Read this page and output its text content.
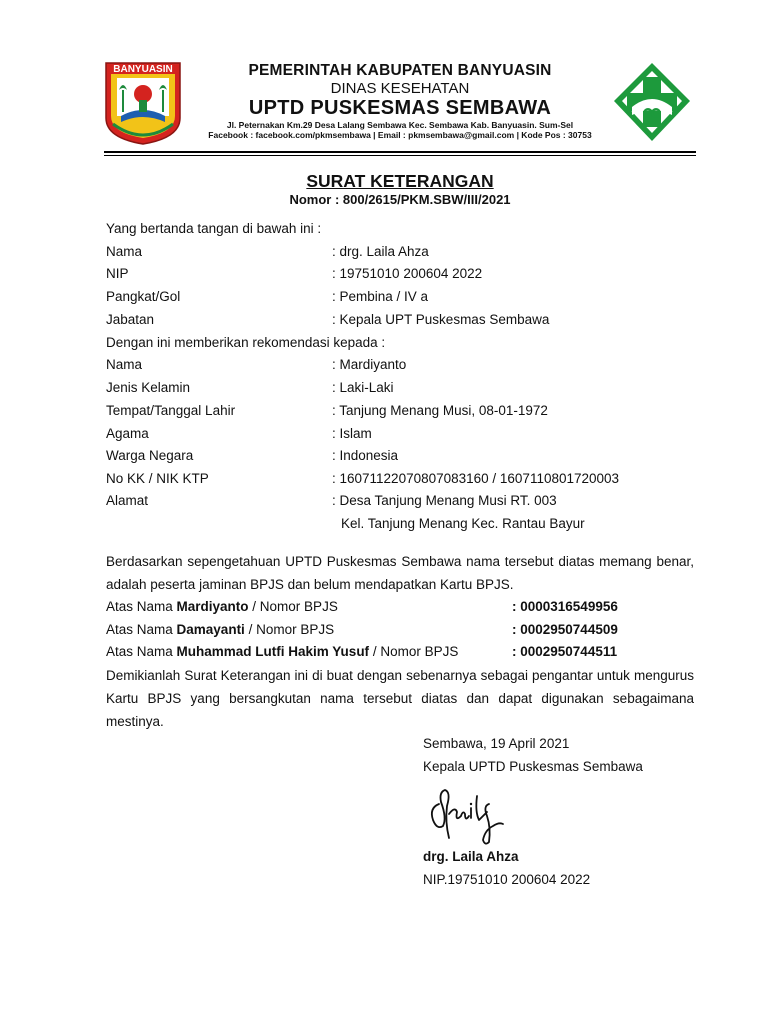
BANYUASIN	PEMERINTAH KABUPATEN BANYUASIN
DINAS KESEHATAN
UPTD PUSKESMAS SEMBAWA
Jl. Peternakan Km.29 Desa Lalang Sembawa Kec. Sembawa Kab. Banyuasin. Sum-Sel
Facebook : facebook.com/pkmsembawa | Email : pkmsembawa@gmail.com | Kode Pos : 30753
SURAT KETERANGAN
Nomor : 800/2615/PKM.SBW/III/2021
Yang bertanda tangan di bawah ini :
Nama	: drg. Laila Ahza
NIP	: 19751010 200604 2022
Pangkat/Gol	: Pembina / IV a
Jabatan	: Kepala UPT Puskesmas Sembawa
Dengan ini memberikan rekomendasi kepada :
Nama	: Mardiyanto
Jenis Kelamin	: Laki-Laki
Tempat/Tanggal Lahir	: Tanjung Menang Musi, 08-01-1972
Agama	: Islam
Warga Negara	: Indonesia
No KK / NIK KTP	: 16071122070807083160 / 1607110801720003
Alamat	: Desa Tanjung Menang Musi RT. 003
Kel. Tanjung Menang Kec. Rantau Bayur
Berdasarkan sepengetahuan UPTD Puskesmas Sembawa nama tersebut diatas memang benar, adalah peserta jaminan BPJS dan belum mendapatkan Kartu BPJS.
Atas Nama Mardiyanto / Nomor BPJS	: 0000316549956
Atas Nama Damayanti / Nomor BPJS	: 0002950744509
Atas Nama Muhammad Lutfi Hakim Yusuf / Nomor BPJS	: 0002950744511
Demikianlah Surat Keterangan ini di buat dengan sebenarnya sebagai pengantar untuk mengurus Kartu BPJS yang bersangkutan nama tersebut diatas dan dapat digunakan sebagaimana mestinya.
Sembawa, 19 April 2021
Kepala UPTD Puskesmas Sembawa
drg. Laila Ahza
NIP.19751010 200604 2022
